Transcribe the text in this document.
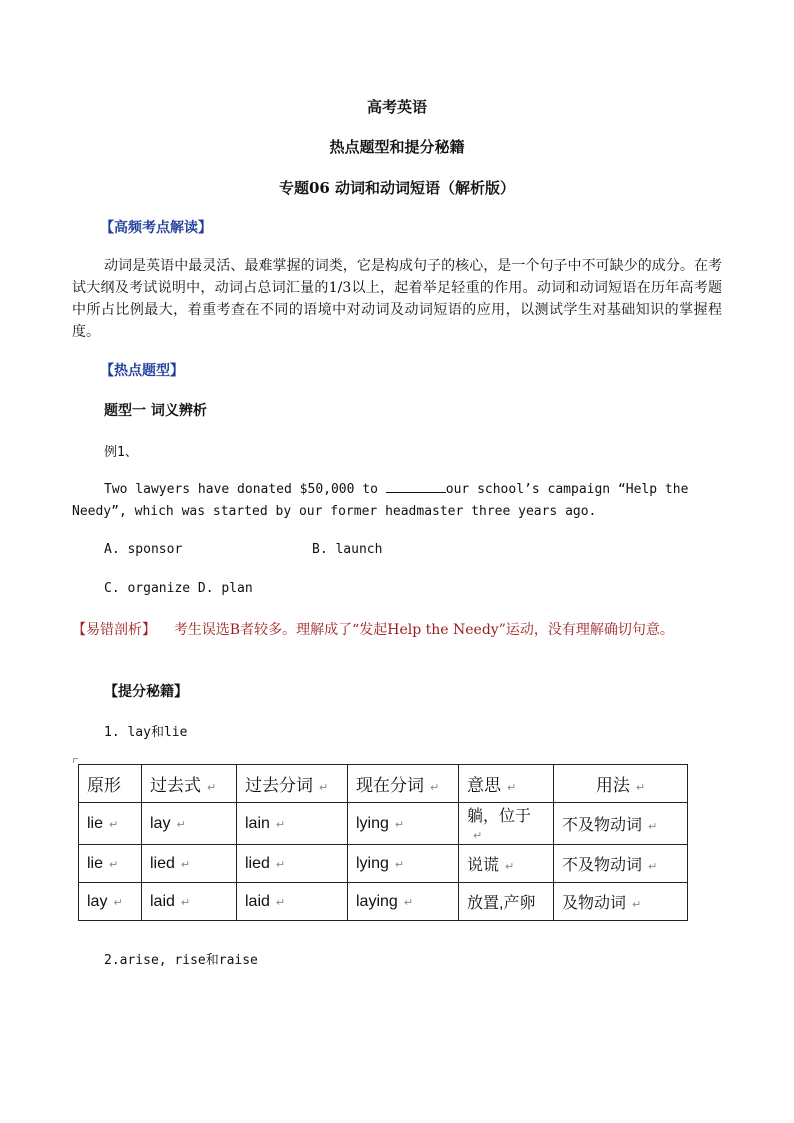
高考英语
热点题型和提分秘籍
专题06 动词和动词短语（解析版）
【高频考点解读】
动词是英语中最灵活、最难掌握的词类，它是构成句子的核心，是一个句子中不可缺少的成分。在考试大纲及考试说明中，动词占总词汇量的1/3以上，起着举足轻重的作用。动词和动词短语在历年高考题中所占比例最大，着重考查在不同的语境中对动词及动词短语的应用，以测试学生对基础知识的掌握程度。
【热点题型】
题型一 词义辨析
例1、
Two lawyers have donated $50,000 to	our school’s campaign “Help the Needy”, which was started by our former headmaster three years ago.
A. sponsor	B. launch
C. organize D. plan
【易错剖析】 考生误选B者较多。理解成了“发起Help the Needy”运动，没有理解确切句意。
【提分秘籍】
1. lay和lie
原形	过去式 ↵	过去分词 ↵	现在分词 ↵	意思 ↵	用法 ↵
lie ↵	lay ↵	lain ↵	lying ↵	躺，位于↵	不及物动词 ↵
lie ↵	lied ↵	lied ↵	lying ↵	说谎 ↵	不及物动词 ↵
lay ↵	laid ↵	laid ↵	laying ↵	放置,产卵	及物动词 ↵
2.arise, rise和raise
